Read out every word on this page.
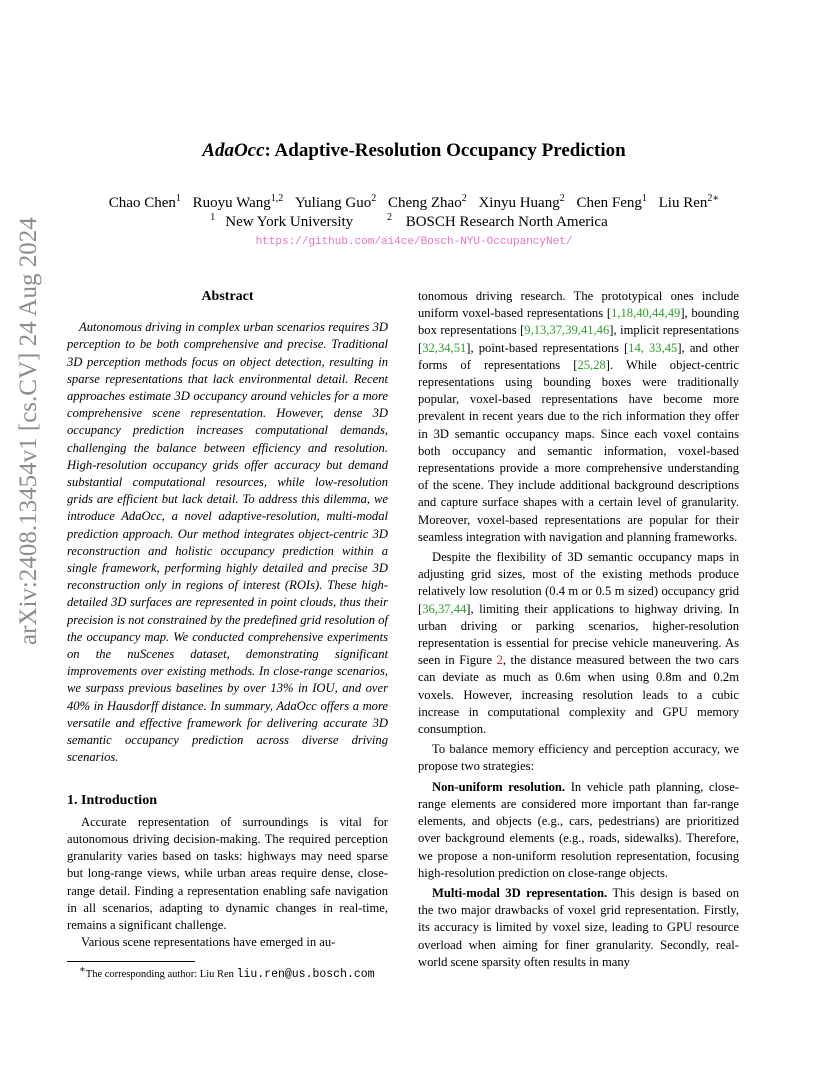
AdaOcc: Adaptive-Resolution Occupancy Prediction
Chao Chen$^1$ Ruoyu Wang$^{1,2}$ Yuliang Guo$^2$ Cheng Zhao$^2$ Xinyu Huang$^2$ Chen Feng$^1$ Liu Ren$^{2∗}$
$^1$ New York University	$^2$ BOSCH Research North America
https://github.com/ai4ce/Bosch-NYU-OccupancyNet/
arXiv:2408.13454v1 [cs.CV] 24 Aug 2024	Abstract

Autonomous driving in complex urban scenarios requires 3D perception to be both comprehensive and precise. Traditional 3D perception methods focus on object detection, resulting in sparse representations that lack environmental detail. Recent approaches estimate 3D occupancy around vehicles for a more comprehensive scene representation. However, dense 3D occupancy prediction increases computational demands, challenging the balance between efficiency and resolution. High-resolution occupancy grids offer accuracy but demand substantial computational resources, while low-resolution grids are efficient but lack detail. To address this dilemma, we introduce AdaOcc, a novel adaptive-resolution, multi-modal prediction approach. Our method integrates object-centric 3D reconstruction and holistic occupancy prediction within a single framework, performing highly detailed and precise 3D reconstruction only in regions of interest (ROIs). These high-detailed 3D surfaces are represented in point clouds, thus their precision is not constrained by the predefined grid resolution of the occupancy map. We conducted comprehensive experiments on the nuScenes dataset, demonstrating significant improvements over existing methods. In close-range scenarios, we surpass previous baselines by over 13% in IOU, and over 40% in Hausdorff distance. In summary, AdaOcc offers a more versatile and effective framework for delivering accurate 3D semantic occupancy prediction across diverse driving scenarios.

1. Introduction

Accurate representation of surroundings is vital for autonomous driving decision-making. The required perception granularity varies based on tasks: highways may need sparse but long-range views, while urban areas require dense, close-range detail. Finding a representation enabling safe navigation in all scenarios, adapting to dynamic changes in real-time, remains a significant challenge.

Various scene representations have emerged in au-

∗The corresponding author: Liu Ren liu.ren@us.bosch.com

tonomous driving research. The prototypical ones include uniform voxel-based representations [1,18,40,44,49], bounding box representations [9,13,37,39,41,46], implicit representations [32,34,51], point-based representations [14, 33,45], and other forms of representations [25,28]. While object-centric representations using bounding boxes were traditionally popular, voxel-based representations have become more prevalent in recent years due to the rich information they offer in 3D semantic occupancy maps. Since each voxel contains both occupancy and semantic information, voxel-based representations provide a more comprehensive understanding of the scene. They include additional background descriptions and capture surface shapes with a certain level of granularity. Moreover, voxel-based representations are popular for their seamless integration with navigation and planning frameworks.

Despite the flexibility of 3D semantic occupancy maps in adjusting grid sizes, most of the existing methods produce relatively low resolution (0.4 m or 0.5 m sized) occupancy grid [36,37,44], limiting their applications to highway driving. In urban driving or parking scenarios, higher-resolution representation is essential for precise vehicle maneuvering. As seen in Figure 2, the distance measured between the two cars can deviate as much as 0.6m when using 0.8m and 0.2m voxels. However, increasing resolution leads to a cubic increase in computational complexity and GPU memory consumption.

To balance memory efficiency and perception accuracy, we propose two strategies:

Non-uniform resolution. In vehicle path planning, close-range elements are considered more important than far-range elements, and objects (e.g., cars, pedestrians) are prioritized over background elements (e.g., roads, sidewalks). Therefore, we propose a non-uniform resolution representation, focusing high-resolution prediction on close-range objects.

Multi-modal 3D representation. This design is based on the two major drawbacks of voxel grid representation. Firstly, its accuracy is limited by voxel size, leading to GPU resource overload when aiming for finer granularity. Secondly, real-world scene sparsity often results in many
